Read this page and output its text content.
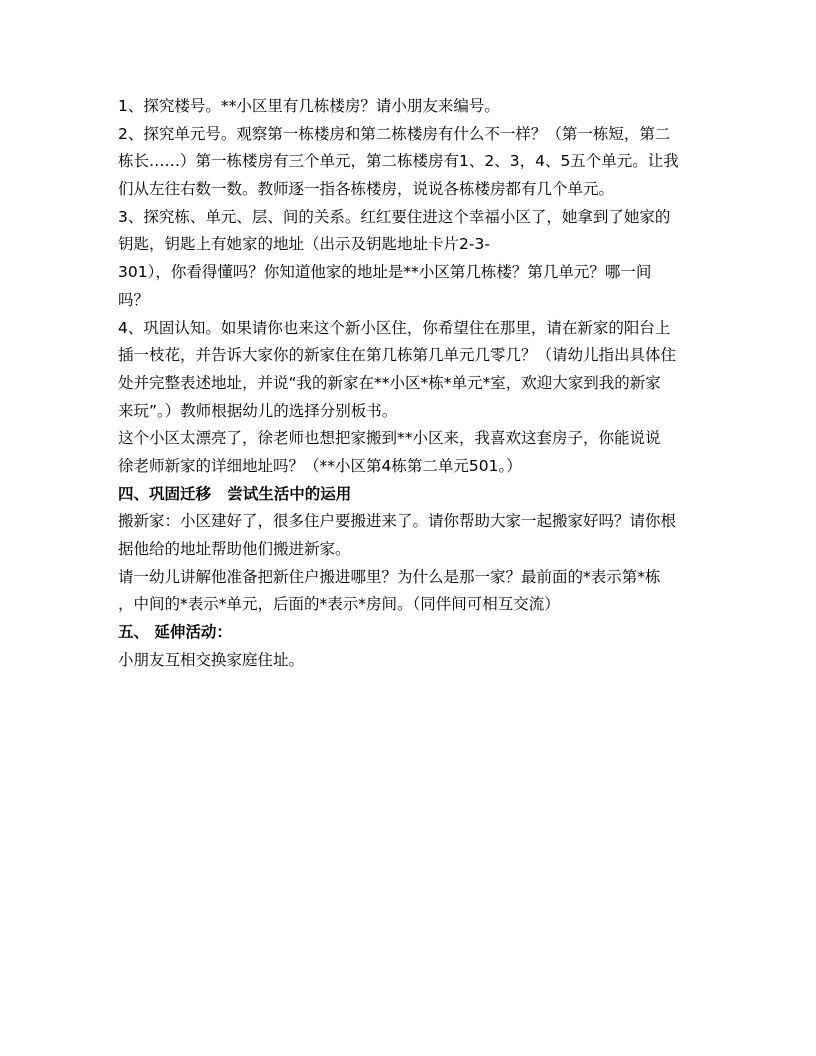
1、探究楼号。**小区里有几栋楼房？请小朋友来编号。
2、探究单元号。观察第一栋楼房和第二栋楼房有什么不一样？（第一栋短，第二
栋长……）第一栋楼房有三个单元，第二栋楼房有1、2、3，4、5五个单元。让我
们从左往右数一数。教师逐一指各栋楼房，说说各栋楼房都有几个单元。
3、探究栋、单元、层、间的关系。红红要住进这个幸福小区了，她拿到了她家的
钥匙，钥匙上有她家的地址（出示及钥匙地址卡片2-3-
301），你看得懂吗？你知道他家的地址是**小区第几栋楼？第几单元？哪一间
吗？
4、巩固认知。如果请你也来这个新小区住，你希望住在那里，请在新家的阳台上
插一枝花，并告诉大家你的新家住在第几栋第几单元几零几？（请幼儿指出具体住
处并完整表述地址，并说“我的新家在**小区*栋*单元*室，欢迎大家到我的新家
来玩”。）教师根据幼儿的选择分别板书。
这个小区太漂亮了，徐老师也想把家搬到**小区来，我喜欢这套房子，你能说说
徐老师新家的详细地址吗？（**小区第4栋第二单元501。）
四、巩固迁移   尝试生活中的运用
搬新家：小区建好了，很多住户要搬进来了。请你帮助大家一起搬家好吗？请你根
据他给的地址帮助他们搬进新家。
请一幼儿讲解他准备把新住户搬进哪里？为什么是那一家？最前面的*表示第*栋
，中间的*表示*单元，后面的*表示*房间。（同伴间可相互交流）
五、 延伸活动：
小朋友互相交换家庭住址。
